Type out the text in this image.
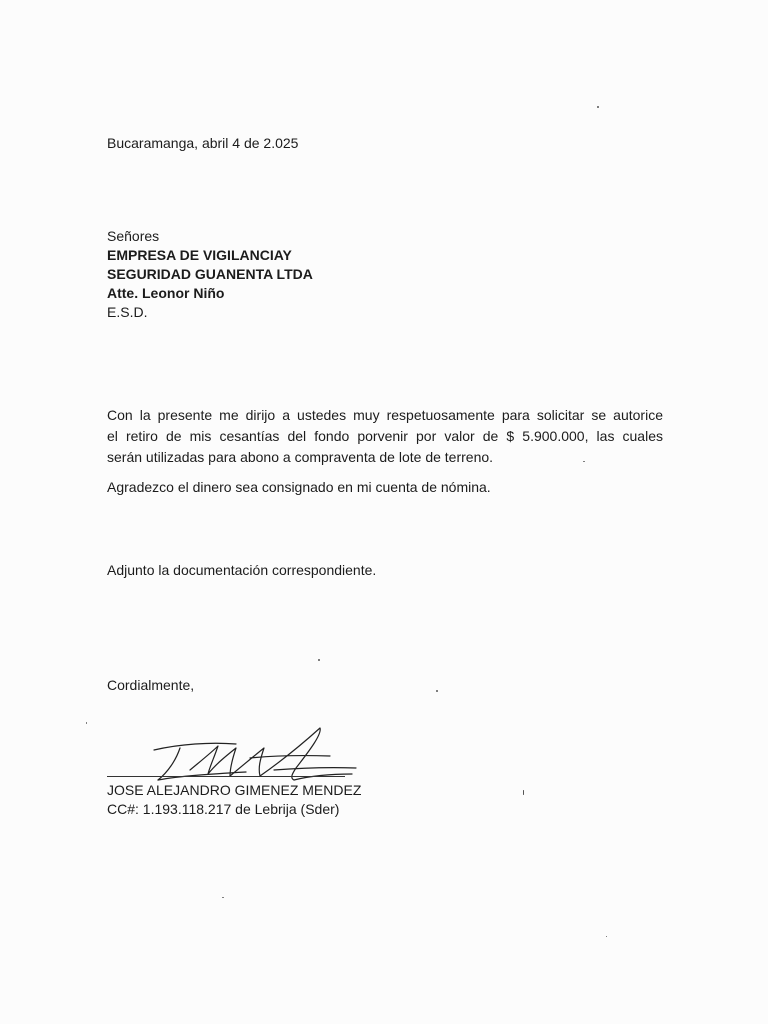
Bucaramanga, abril 4 de 2.025
Señores
EMPRESA DE VIGILANCIAY
SEGURIDAD GUANENTA LTDA
Atte. Leonor Niño
E.S.D.
Con la presente me dirijo a ustedes muy respetuosamente para solicitar se autorice
el retiro de mis cesantías del fondo porvenir por valor de $ 5.900.000, las cuales
serán utilizadas para abono a compraventa de lote de terreno.
Agradezco el dinero sea consignado en mi cuenta de nómina.
Adjunto la documentación correspondiente.
Cordialmente,
JOSE ALEJANDRO GIMENEZ MENDEZ
CC#: 1.193.118.217 de Lebrija (Sder)
